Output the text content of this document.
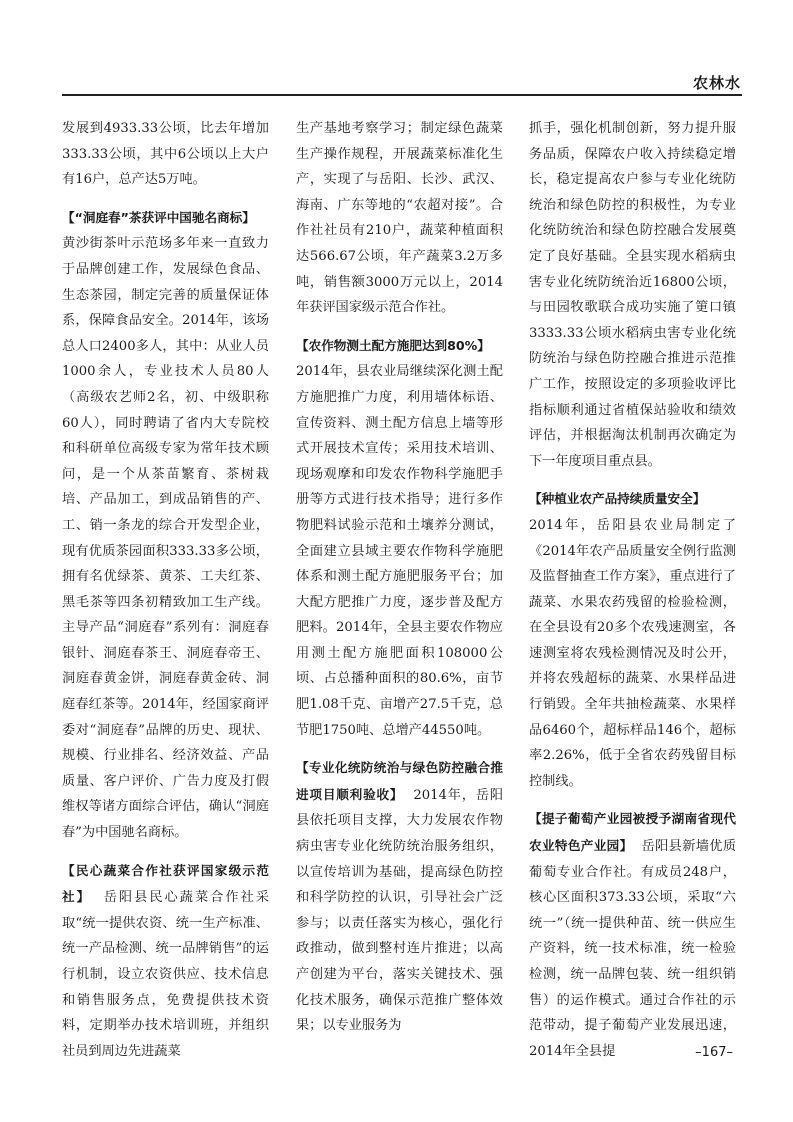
农林水

发展到4933.33公顷，比去年增加333.33公顷，其中6公顷以上大户有16户，总产达5万吨。

【“洞庭春”茶获评中国驰名商标】
黄沙街茶叶示范场多年来一直致力于品牌创建工作，发展绿色食品、生态茶园，制定完善的质量保证体系，保障食品安全。2014年，该场总人口2400多人，其中：从业人员1000余人，专业技术人员80人（高级农艺师2名，初、中级职称60人），同时聘请了省内大专院校和科研单位高级专家为常年技术顾问，是一个从茶苗繁育、茶树栽培、产品加工，到成品销售的产、工、销一条龙的综合开发型企业，现有优质茶园面积333.33多公顷，拥有名优绿茶、黄茶、工夫红茶、黑毛茶等四条初精致加工生产线。主导产品“洞庭春”系列有：洞庭春银针、洞庭春茶王、洞庭春帝王、洞庭春黄金饼，洞庭春黄金砖、洞庭春红茶等。2014年，经国家商评委对“洞庭春”品牌的历史、现状、规模、行业排名、经济效益、产品质量、客户评价、广告力度及打假维权等诸方面综合评估，确认“洞庭春”为中国驰名商标。

【民心蔬菜合作社获评国家级示范社】 岳阳县民心蔬菜合作社采取“统一提供农资、统一生产标准、统一产品检测、统一品牌销售”的运行机制，设立农资供应、技术信息和销售服务点，免费提供技术资料，定期举办技术培训班，并组织社员到周边先进蔬菜

生产基地考察学习；制定绿色蔬菜生产操作规程，开展蔬菜标准化生产，实现了与岳阳、长沙、武汉、海南、广东等地的“农超对接”。合作社社员有210户，蔬菜种植面积达566.67公顷，年产蔬菜3.2万多吨，销售额3000万元以上，2014年获评国家级示范合作社。

【农作物测土配方施肥达到80%】
2014年，县农业局继续深化测土配方施肥推广力度，利用墙体标语、宣传资料、测土配方信息上墙等形式开展技术宣传；采用技术培训、现场观摩和印发农作物科学施肥手册等方式进行技术指导；进行多作物肥料试验示范和土壤养分测试，全面建立县域主要农作物科学施肥体系和测土配方施肥服务平台；加大配方肥推广力度，逐步普及配方肥料。2014年，全县主要农作物应用测土配方施肥面积108000公顷、占总播种面积的80.6%，亩节肥1.08千克、亩增产27.5千克，总节肥1750吨、总增产44550吨。

【专业化统防统治与绿色防控融合推进项目顺利验收】 2014年，岳阳县依托项目支撑，大力发展农作物病虫害专业化统防统治服务组织，以宣传培训为基础，提高绿色防控和科学防控的认识，引导社会广泛参与；以责任落实为核心，强化行政推动，做到整村连片推进；以高产创建为平台，落实关键技术、强化技术服务，确保示范推广整体效果；以专业服务为

抓手，强化机制创新，努力提升服务品质，保障农户收入持续稳定增长，稳定提高农户参与专业化统防统治和绿色防控的积极性，为专业化统防统治和绿色防控融合发展奠定了良好基础。全县实现水稻病虫害专业化统防统治近16800公顷，与田园牧歌联合成功实施了筻口镇3333.33公顷水稻病虫害专业化统防统治与绿色防控融合推进示范推广工作，按照设定的多项验收评比指标顺利通过省植保站验收和绩效评估，并根据淘汰机制再次确定为下一年度项目重点县。

【种植业农产品持续质量安全】
2014年，岳阳县农业局制定了《2014年农产品质量安全例行监测及监督抽查工作方案》，重点进行了蔬菜、水果农药残留的检验检测，在全县设有20多个农残速测室，各速测室将农残检测情况及时公开，并将农残超标的蔬菜、水果样品进行销毁。全年共抽检蔬菜、水果样品6460个，超标样品146个，超标率2.26%，低于全省农药残留目标控制线。

【提子葡萄产业园被授予湖南省现代农业特色产业园】 岳阳县新墙优质葡萄专业合作社。有成员248户，核心区面积373.33公顷，采取“六统一”（统一提供种苗、统一供应生产资料，统一技术标准，统一检验检测，统一品牌包装、统一组织销售）的运作模式。通过合作社的示范带动，提子葡萄产业发展迅速，2014年全县提	–167–
